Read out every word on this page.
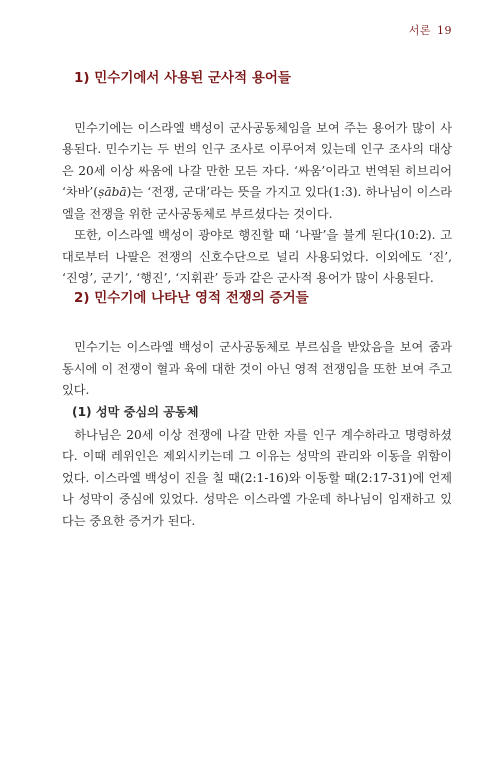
서론 19
1) 민수기에서 사용된 군사적 용어들

민수기에는 이스라엘 백성이 군사공동체임을 보여 주는 용어가 많이 사용된다. 민수기는 두 번의 인구 조사로 이루어져 있는데 인구 조사의 대상은 20세 이상 싸움에 나갈 만한 모든 자다. ‘싸움’이라고 번역된 히브리어 ‘차바’(ṣābā)는 ‘전쟁, 군대’라는 뜻을 가지고 있다(1:3). 하나님이 이스라엘을 전쟁을 위한 군사공동체로 부르셨다는 것이다.

또한, 이스라엘 백성이 광야로 행진할 때 ‘나팔’을 불게 된다(10:2). 고대로부터 나팔은 전쟁의 신호수단으로 널리 사용되었다. 이외에도 ‘진’, ‘진영’, 군기’, ‘행진’, ‘지휘관’ 등과 같은 군사적 용어가 많이 사용된다.

2) 민수기에 나타난 영적 전쟁의 증거들

민수기는 이스라엘 백성이 군사공동체로 부르심을 받았음을 보여 줌과 동시에 이 전쟁이 혈과 육에 대한 것이 아닌 영적 전쟁임을 또한 보여 주고 있다.

(1) 성막 중심의 공동체

하나님은 20세 이상 전쟁에 나갈 만한 자를 인구 계수하라고 명령하셨다. 이때 레위인은 제외시키는데 그 이유는 성막의 관리와 이동을 위함이었다. 이스라엘 백성이 진을 칠 때(2:1-16)와 이동할 때(2:17-31)에 언제나 성막이 중심에 있었다. 성막은 이스라엘 가운데 하나님이 임재하고 있다는 중요한 증거가 된다.
